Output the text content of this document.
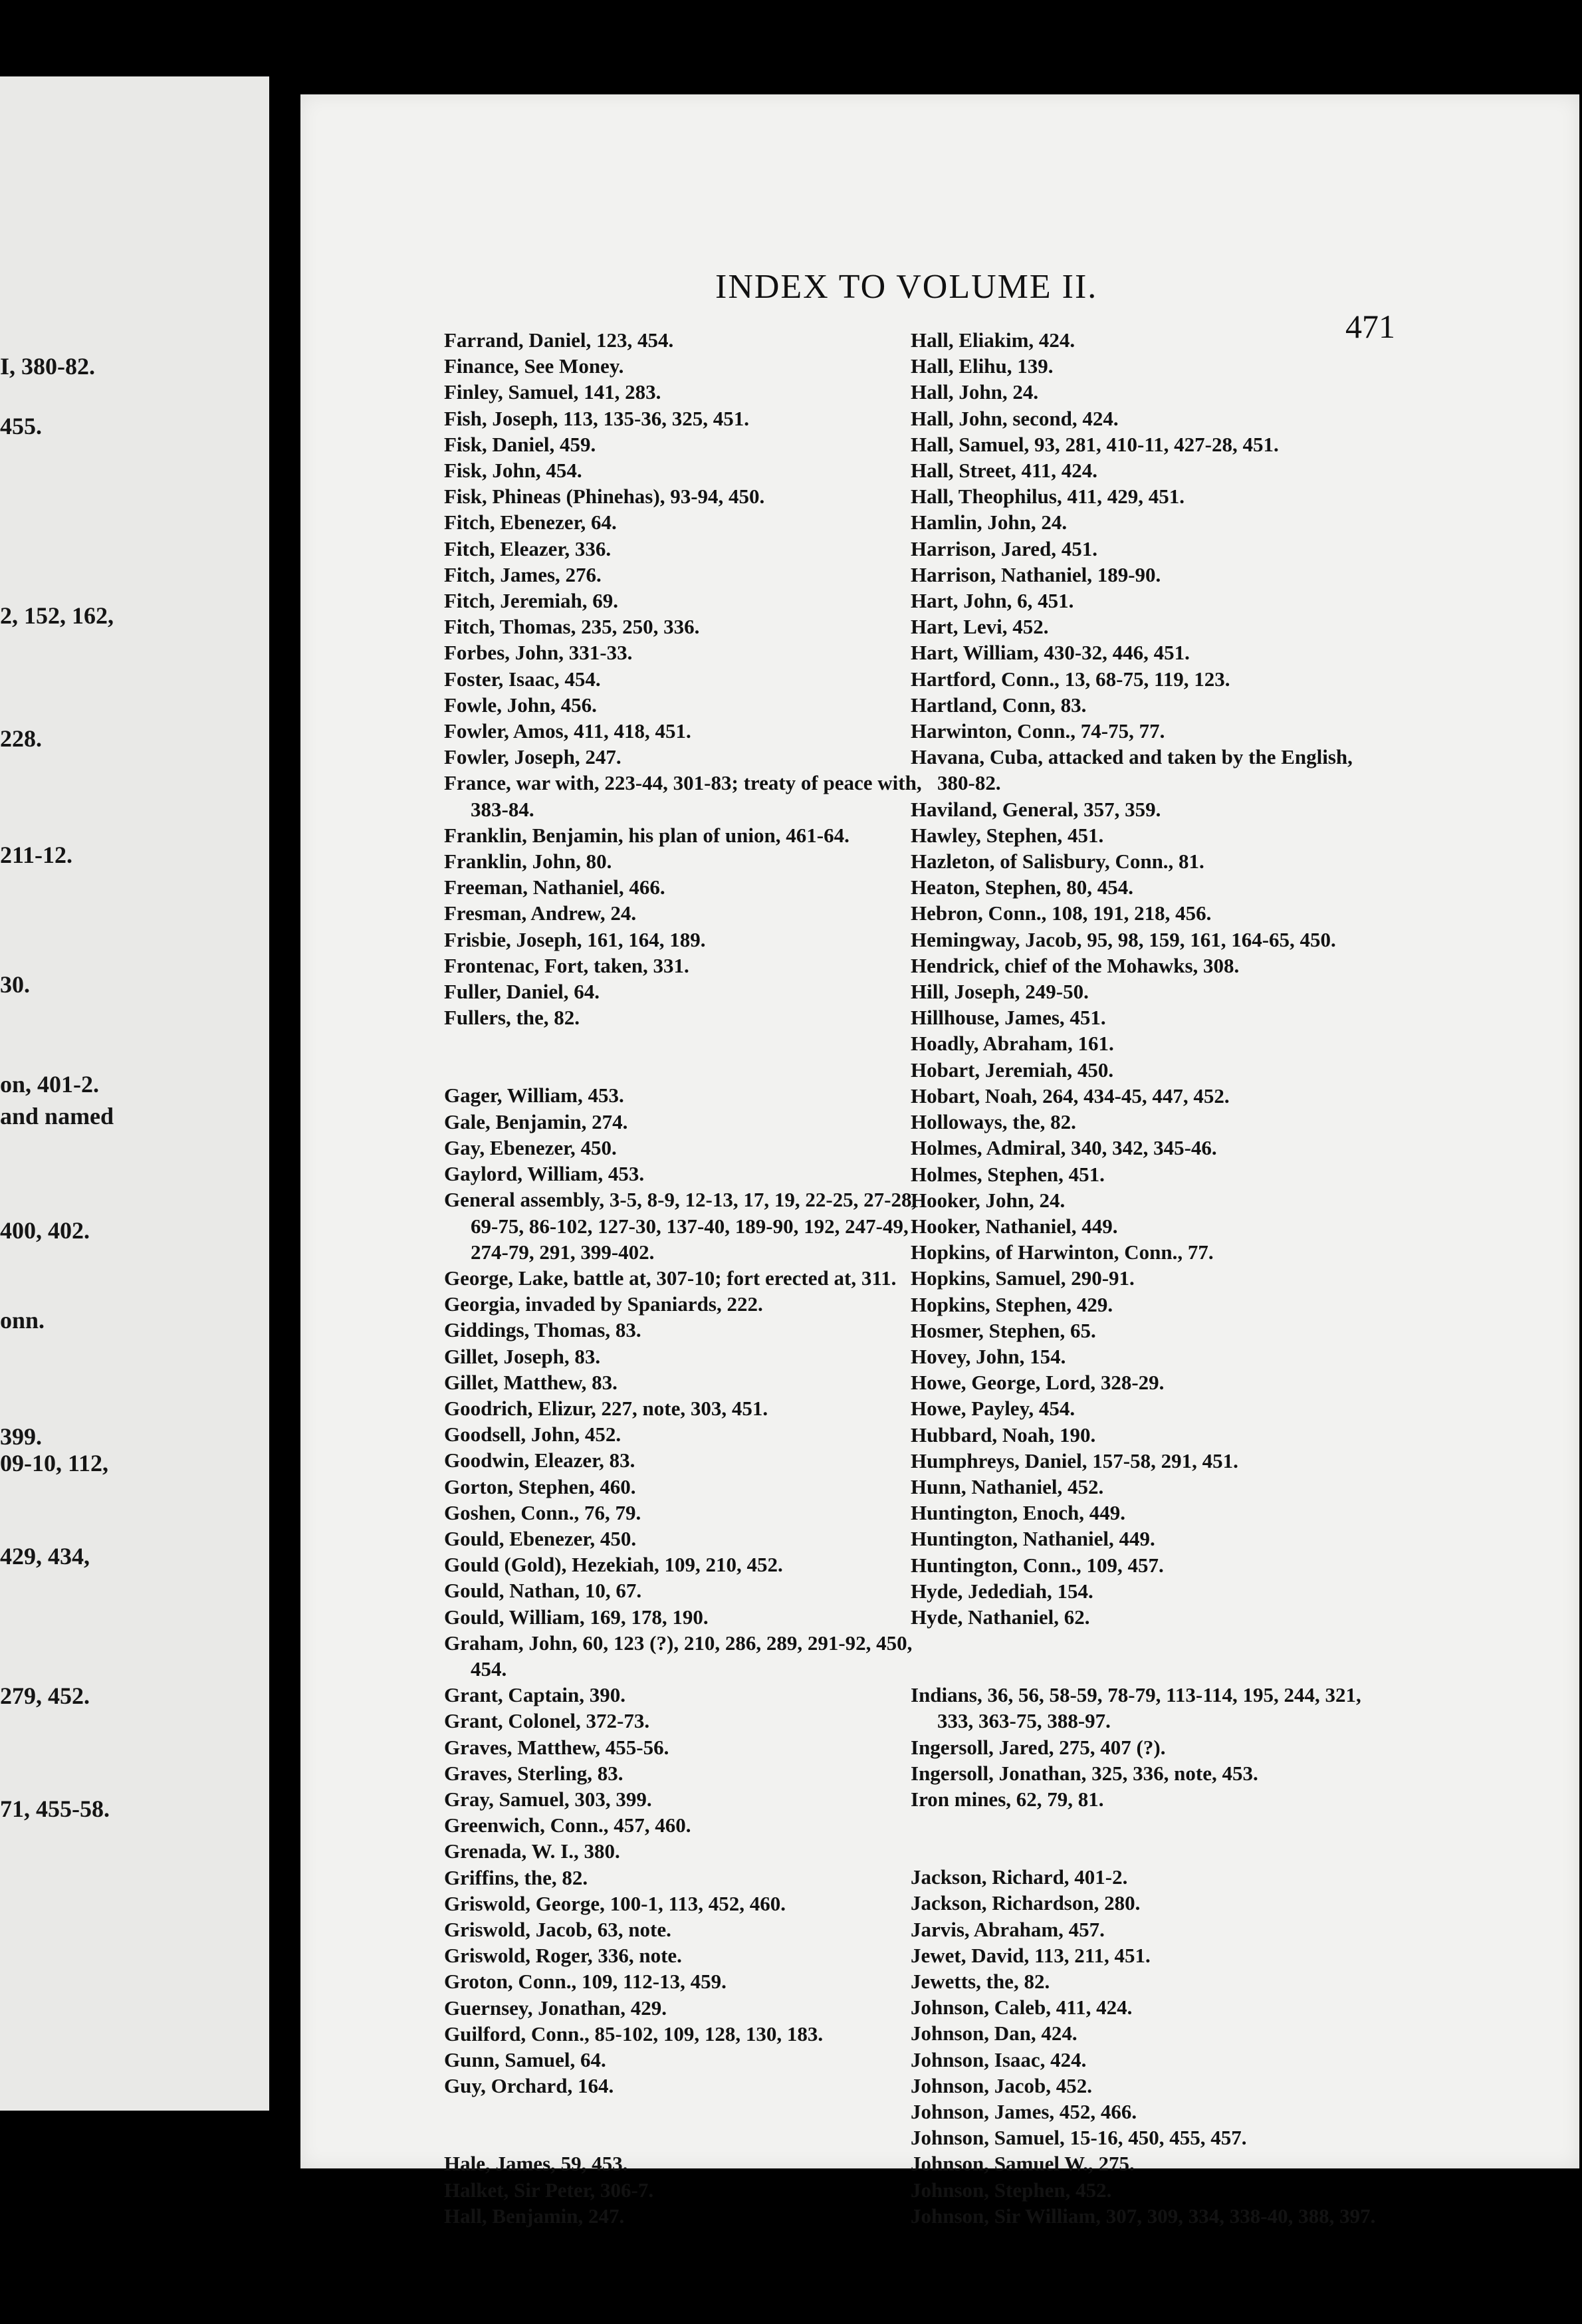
I, 380-82.

455.

2, 152, 162,

228.

211-12.

30.

on, 401-2.

and named

400, 402.

onn.

399.

09-10, 112,

429, 434,

279, 452.

71, 455-58.

INDEX TO VOLUME II.
471
Farrand, Daniel, 123, 454.
Finance, See Money.
Finley, Samuel, 141, 283.
Fish, Joseph, 113, 135-36, 325, 451.
Fisk, Daniel, 459.
Fisk, John, 454.
Fisk, Phineas (Phinehas), 93-94, 450.
Fitch, Ebenezer, 64.
Fitch, Eleazer, 336.
Fitch, James, 276.
Fitch, Jeremiah, 69.
Fitch, Thomas, 235, 250, 336.
Forbes, John, 331-33.
Foster, Isaac, 454.
Fowle, John, 456.
Fowler, Amos, 411, 418, 451.
Fowler, Joseph, 247.
France, war with, 223-44, 301-83; treaty of peace with, 383-84.
Franklin, Benjamin, his plan of union, 461-64.
Franklin, John, 80.
Freeman, Nathaniel, 466.
Fresman, Andrew, 24.
Frisbie, Joseph, 161, 164, 189.
Frontenac, Fort, taken, 331.
Fuller, Daniel, 64.
Fullers, the, 82.
Gager, William, 453.
Gale, Benjamin, 274.
Gay, Ebenezer, 450.
Gaylord, William, 453.
General assembly, 3-5, 8-9, 12-13, 17, 19, 22-25, 27-28, 69-75, 86-102, 127-30, 137-40, 189-90, 192, 247-49, 274-79, 291, 399-402.
George, Lake, battle at, 307-10; fort erected at, 311.
Georgia, invaded by Spaniards, 222.
Giddings, Thomas, 83.
Gillet, Joseph, 83.
Gillet, Matthew, 83.
Goodrich, Elizur, 227, note, 303, 451.
Goodsell, John, 452.
Goodwin, Eleazer, 83.
Gorton, Stephen, 460.
Goshen, Conn., 76, 79.
Gould, Ebenezer, 450.
Gould (Gold), Hezekiah, 109, 210, 452.
Gould, Nathan, 10, 67.
Gould, William, 169, 178, 190.
Graham, John, 60, 123 (?), 210, 286, 289, 291-92, 450, 454.
Grant, Captain, 390.
Grant, Colonel, 372-73.
Graves, Matthew, 455-56.
Graves, Sterling, 83.
Gray, Samuel, 303, 399.
Greenwich, Conn., 457, 460.
Grenada, W. I., 380.
Griffins, the, 82.
Griswold, George, 100-1, 113, 452, 460.
Griswold, Jacob, 63, note.
Griswold, Roger, 336, note.
Groton, Conn., 109, 112-13, 459.
Guernsey, Jonathan, 429.
Guilford, Conn., 85-102, 109, 128, 130, 183.
Gunn, Samuel, 64.
Guy, Orchard, 164.
Hale, James, 59, 453.
Halket, Sir Peter, 306-7.
Hall, Benjamin, 247.
Hall, Eliakim, 424.
Hall, Elihu, 139.
Hall, John, 24.
Hall, John, second, 424.
Hall, Samuel, 93, 281, 410-11, 427-28, 451.
Hall, Street, 411, 424.
Hall, Theophilus, 411, 429, 451.
Hamlin, John, 24.
Harrison, Jared, 451.
Harrison, Nathaniel, 189-90.
Hart, John, 6, 451.
Hart, Levi, 452.
Hart, William, 430-32, 446, 451.
Hartford, Conn., 13, 68-75, 119, 123.
Hartland, Conn, 83.
Harwinton, Conn., 74-75, 77.
Havana, Cuba, attacked and taken by the English, 380-82.
Haviland, General, 357, 359.
Hawley, Stephen, 451.
Hazleton, of Salisbury, Conn., 81.
Heaton, Stephen, 80, 454.
Hebron, Conn., 108, 191, 218, 456.
Hemingway, Jacob, 95, 98, 159, 161, 164-65, 450.
Hendrick, chief of the Mohawks, 308.
Hill, Joseph, 249-50.
Hillhouse, James, 451.
Hoadly, Abraham, 161.
Hobart, Jeremiah, 450.
Hobart, Noah, 264, 434-45, 447, 452.
Holloways, the, 82.
Holmes, Admiral, 340, 342, 345-46.
Holmes, Stephen, 451.
Hooker, John, 24.
Hooker, Nathaniel, 449.
Hopkins, of Harwinton, Conn., 77.
Hopkins, Samuel, 290-91.
Hopkins, Stephen, 429.
Hosmer, Stephen, 65.
Hovey, John, 154.
Howe, George, Lord, 328-29.
Howe, Payley, 454.
Hubbard, Noah, 190.
Humphreys, Daniel, 157-58, 291, 451.
Hunn, Nathaniel, 452.
Huntington, Enoch, 449.
Huntington, Nathaniel, 449.
Huntington, Conn., 109, 457.
Hyde, Jedediah, 154.
Hyde, Nathaniel, 62.
Indians, 36, 56, 58-59, 78-79, 113-114, 195, 244, 321, 333, 363-75, 388-97.
Ingersoll, Jared, 275, 407 (?).
Ingersoll, Jonathan, 325, 336, note, 453.
Iron mines, 62, 79, 81.
Jackson, Richard, 401-2.
Jackson, Richardson, 280.
Jarvis, Abraham, 457.
Jewet, David, 113, 211, 451.
Jewetts, the, 82.
Johnson, Caleb, 411, 424.
Johnson, Dan, 424.
Johnson, Isaac, 424.
Johnson, Jacob, 452.
Johnson, James, 452, 466.
Johnson, Samuel, 15-16, 450, 455, 457.
Johnson, Samuel W., 275.
Johnson, Stephen, 452.
Johnson, Sir William, 307, 309, 334, 338-40, 388, 397.
